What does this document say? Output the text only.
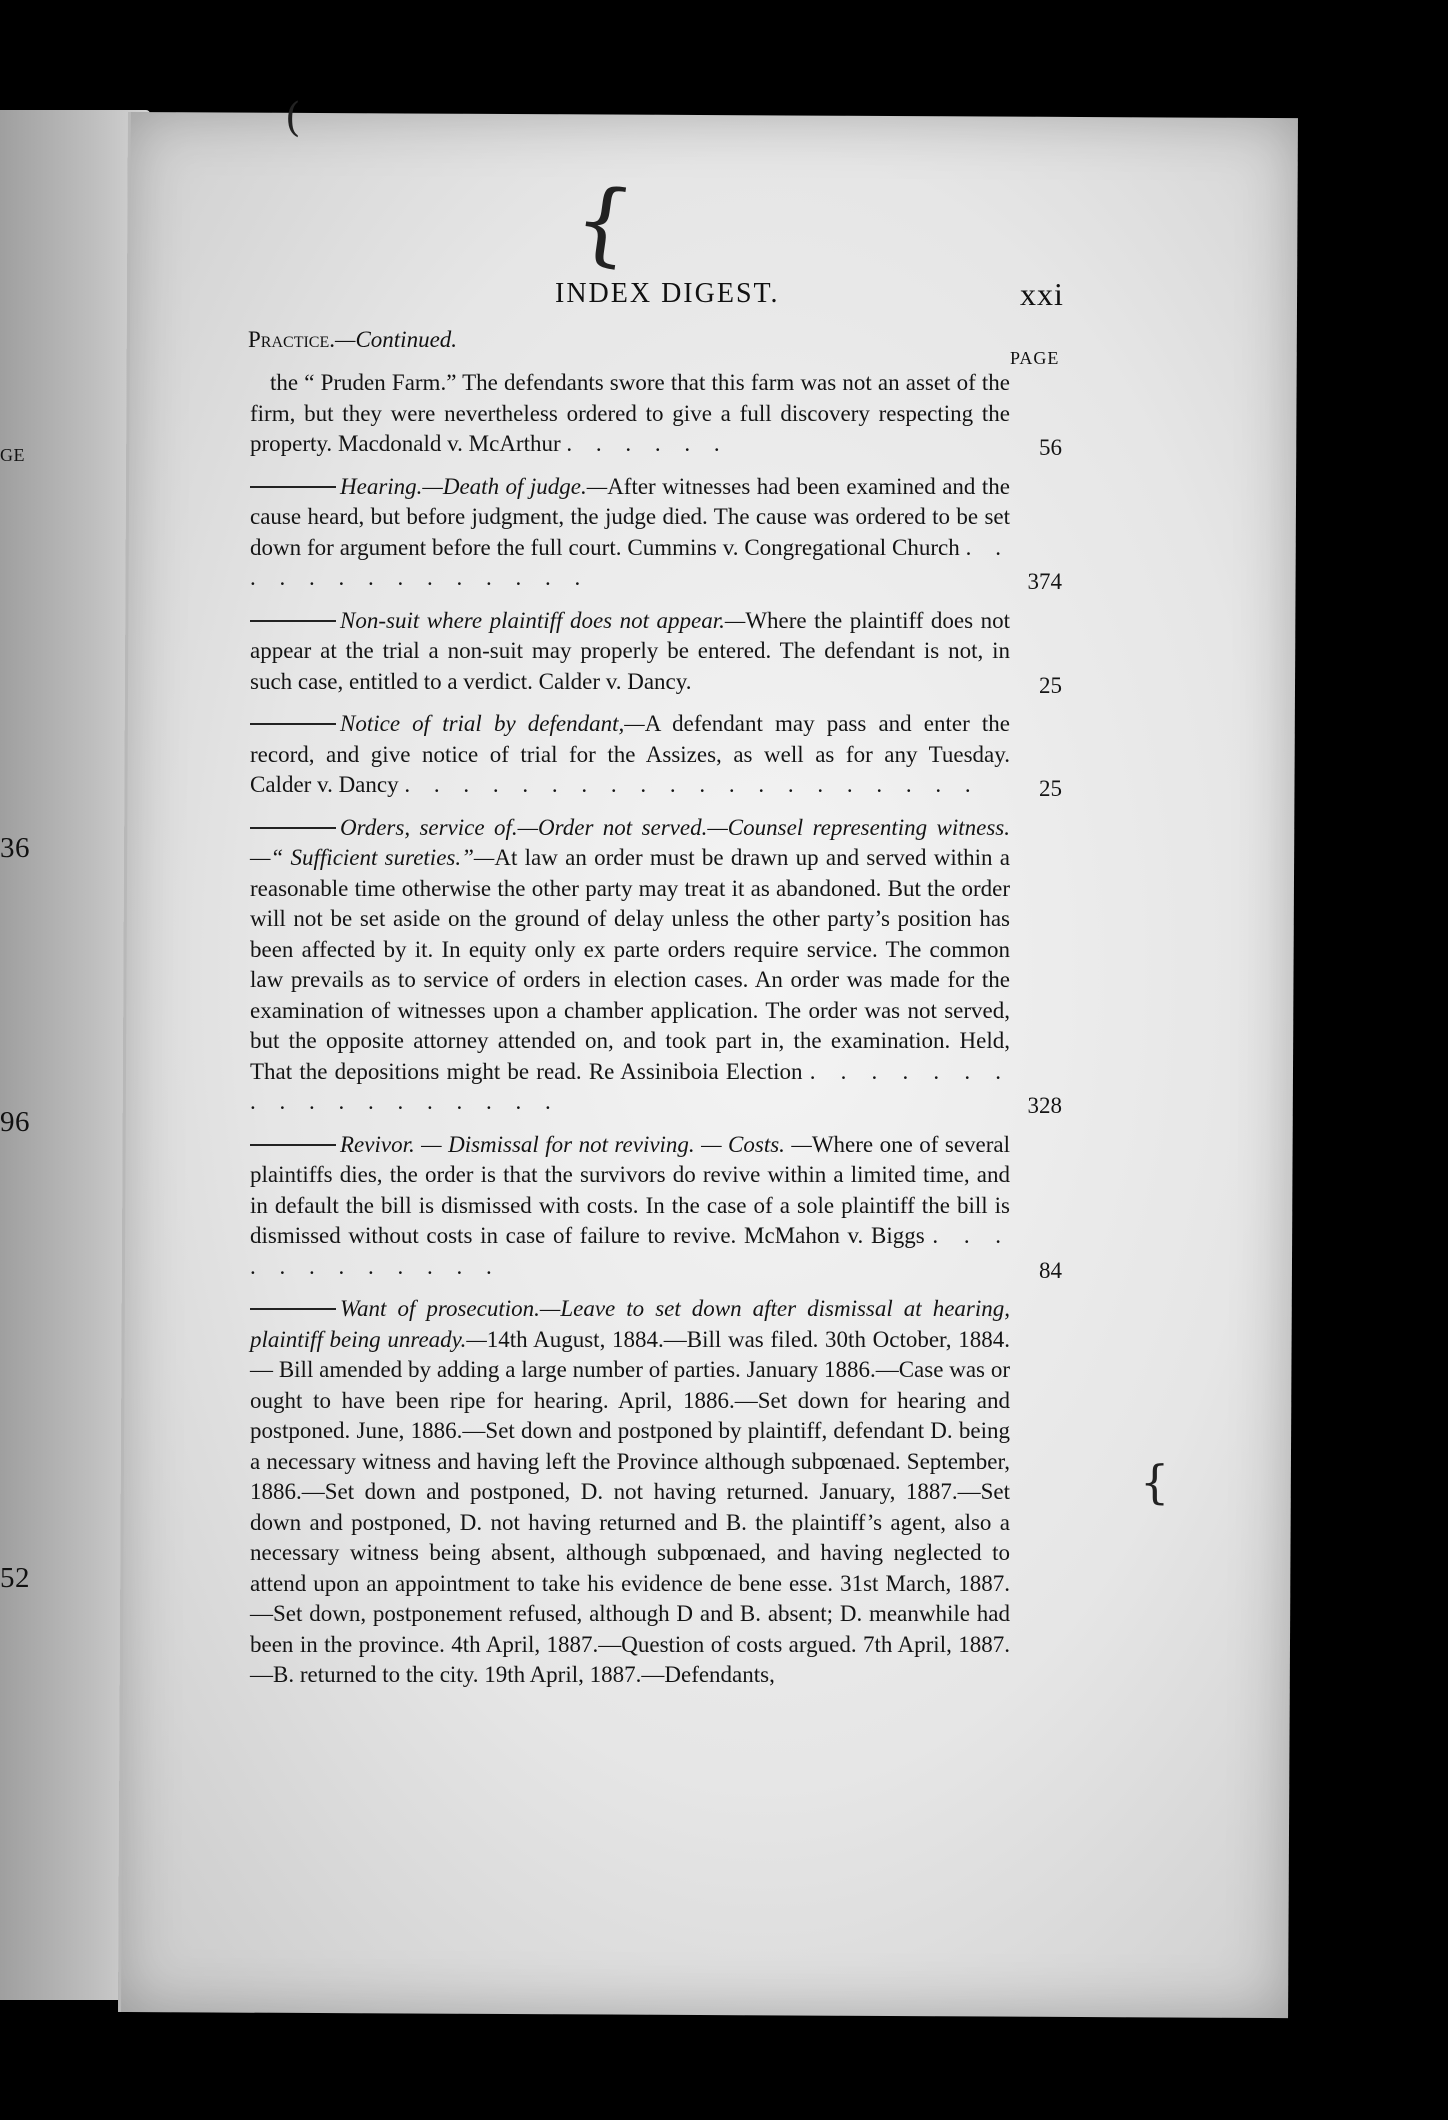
GE
36
96
52
INDEX DIGEST.	xxi
PAGE
Practice.—Continued.

the “ Pruden Farm.” The defendants swore that this farm was not an asset of the firm, but they were nevertheless ordered to give a full discovery respecting the property. Macdonald v. McArthur . . . . . .	56

Hearing.—Death of judge.—After witnesses had been examined and the cause heard, but before judgment, the judge died. The cause was ordered to be set down for argument before the full court. Cummins v. Congregational Church . . . . . . . . . . . . . .	374

Non-suit where plaintiff does not appear.—Where the plaintiff does not appear at the trial a non-suit may properly be entered. The defendant is not, in such case, entitled to a verdict. Calder v. Dancy.	25

Notice of trial by defendant,—A defendant may pass and enter the record, and give notice of trial for the Assizes, as well as for any Tuesday. Calder v. Dancy . . . . . . . . . . . . . . . . . . . .	25

Orders, service of.—Order not served.—Counsel representing witness.—“ Sufficient sureties.”—At law an order must be drawn up and served within a reasonable time otherwise the other party may treat it as abandoned. But the order will not be set aside on the ground of delay unless the other party’s position has been affected by it. In equity only ex parte orders require service. The common law prevails as to service of orders in election cases. An order was made for the examination of witnesses upon a chamber application. The order was not served, but the opposite attorney attended on, and took part in, the examination. Held, That the depositions might be read. Re Assiniboia Election . . . . . . . . . . . . . . . . . .	328

Revivor. — Dismissal for not reviving. — Costs. —Where one of several plaintiffs dies, the order is that the survivors do revive within a limited time, and in default the bill is dismissed with costs. In the case of a sole plaintiff the bill is dismissed without costs in case of failure to revive. McMahon v. Biggs . . . . . . . . . . . .	84

Want of prosecution.—Leave to set down after dismissal at hearing, plaintiff being unready.—14th August, 1884.—Bill was filed. 30th October, 1884. — Bill amended by adding a large number of parties. January 1886.—Case was or ought to have been ripe for hearing. April, 1886.—Set down for hearing and postponed. June, 1886.—Set down and postponed by plaintiff, defendant D. being a necessary witness and having left the Province although subpœnaed. September, 1886.—Set down and postponed, D. not having returned. January, 1887.—Set down and postponed, D. not having returned and B. the plaintiff’s agent, also a necessary witness being absent, although subpœnaed, and having neglected to attend upon an appointment to take his evidence de bene esse. 31st March, 1887.—Set down, postponement refused, although D and B. absent; D. meanwhile had been in the province. 4th April, 1887.—Question of costs argued. 7th April, 1887.—B. returned to the city. 19th April, 1887.—Defendants,

{
{
(
